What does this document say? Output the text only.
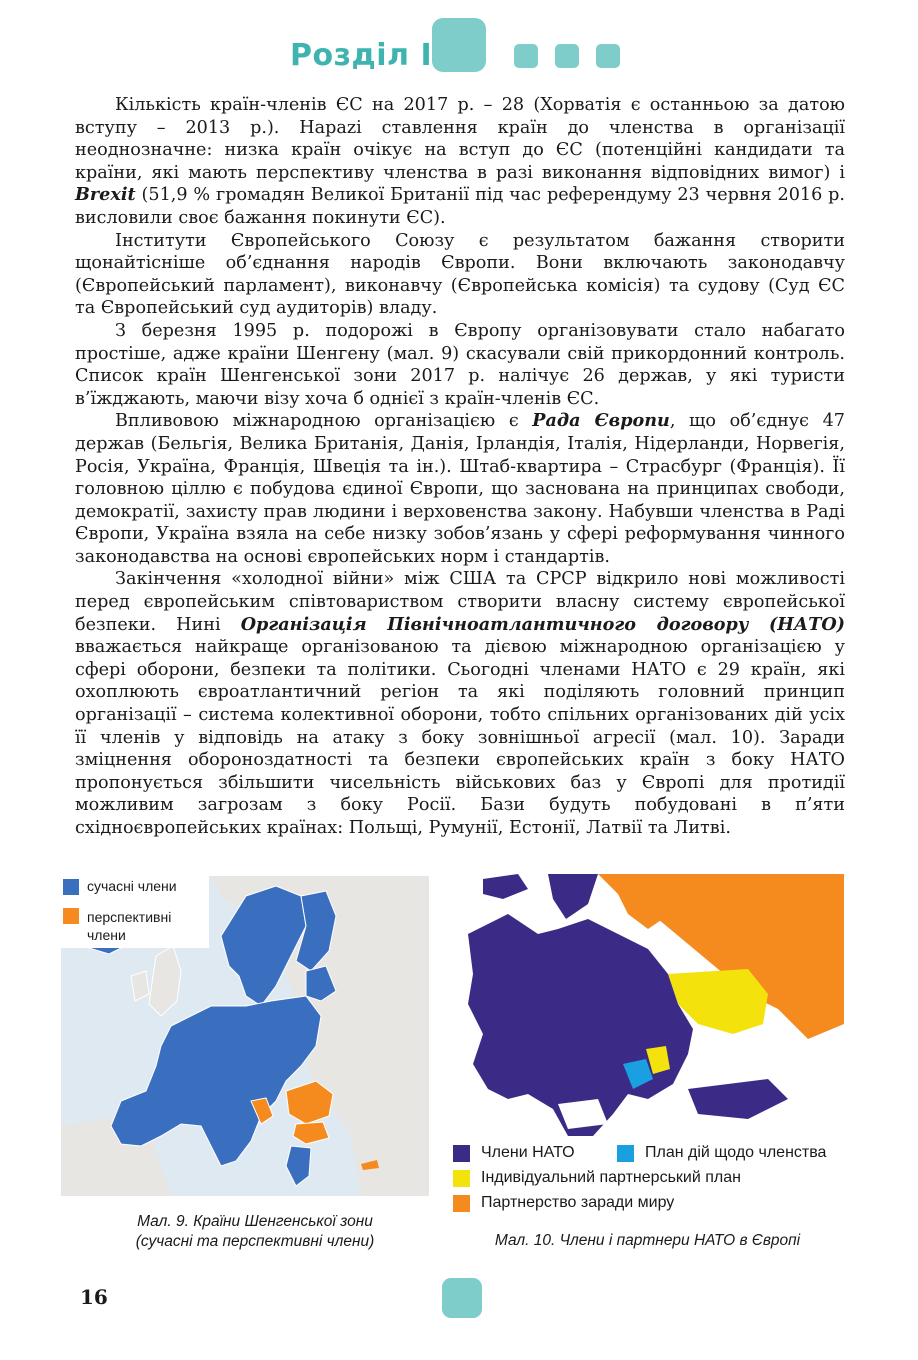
Розділ І

Кількість країн-членів ЄС на 2017 р. – 28 (Хорватія є останньою за датою вступу – 2013 р.). Нарazі ставлення країн до членства в організації неоднозначне: низка країн очікує на вступ до ЄС (потенційні кандидати та країни, які мають перспективу членства в разі виконання відповідних вимог) і Brexit (51,9 % громадян Великої Британії під час референдуму 23 червня 2016 р. висловили своє бажання покинути ЄС).

Інститути Європейського Союзу є результатом бажання створити щонайтісніше об’єднання народів Європи. Вони включають законодавчу (Європейський парламент), виконавчу (Європейська комісія) та судову (Суд ЄС та Європейський суд аудиторів) владу.

З березня 1995 р. подорожі в Європу організовувати стало набагато простіше, адже країни Шенгену (мал. 9) скасували свій прикордонний контроль. Список країн Шенгенської зони 2017 р. налічує 26 держав, у які туристи в’їжджають, маючи візу хоча б однієї з країн-членів ЄС.

Впливовою міжнародною організацією є Рада Європи, що об’єднує 47 держав (Бельгія, Велика Британія, Данія, Ірландія, Італія, Нідерланди, Норвегія, Росія, Україна, Франція, Швеція та ін.). Штаб-квартира – Страсбург (Франція). Її головною ціллю є побудова єдиної Європи, що заснована на принципах свободи, демократії, захисту прав людини і верховенства закону. Набувши членства в Раді Європи, Україна взяла на себе низку зобов’язань у сфері реформування чинного законодавства на основі європейських норм і стандартів.

Закінчення «холодної війни» між США та СРСР відкрило нові можливості перед європейським співтовариством створити власну систему європейської безпеки. Нині Організація Північноатлантичного договору (НАТО) вважається найкраще організованою та дієвою міжнародною організацією у сфері оборони, безпеки та політики. Сьогодні членами НАТО є 29 країн, які охоплюють євроатлантичний регіон та які поділяють головний принцип організації – система колективної оборони, тобто спільних організованих дій усіх її членів у відповідь на атаку з боку зовнішньої агресії (мал. 10). Заради зміцнення обороноздатності та безпеки європейських країн з боку НАТО пропонується збільшити чисельність військових баз у Європі для протидії можливим загрозам з боку Росії. Бази будуть побудовані в п’яти східноєвропейських країнах: Польщі, Румунії, Естонії, Латвії та Литві.

сучасні члени
перспективні
члени
Мал. 9. Країни Шенгенської зони
(сучасні та перспективні члени)
Члени НАТО	План дій щодо членства
Індивідуальний партнерський план
Партнерство заради миру
Мал. 10. Члени і партнери НАТО в Європі
16
